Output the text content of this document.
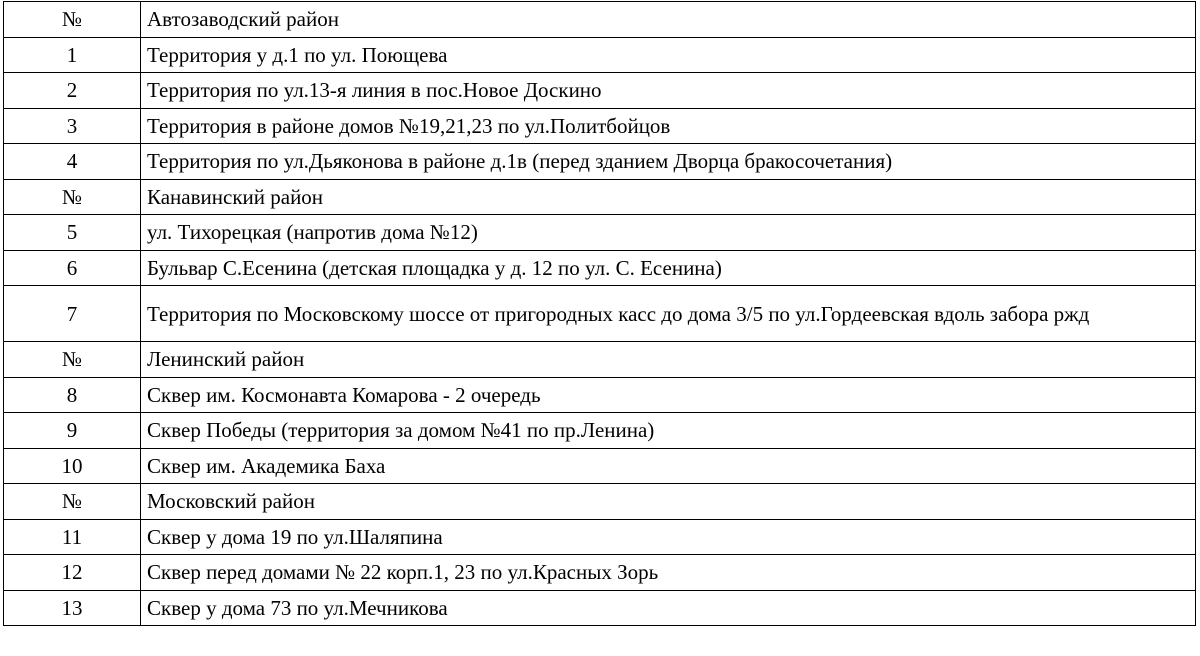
№	Автозаводский район
1	Территория у д.1 по ул. Поющева
2	Территория по ул.13-я линия в пос.Новое Доскино
3	Территория в районе домов №19,21,23 по ул.Политбойцов
4	Территория по ул.Дьяконова в районе д.1в (перед зданием Дворца бракосочетания)
№	Канавинский район
5	ул. Тихорецкая (напротив дома №12)
6	Бульвар С.Есенина (детская площадка у д. 12 по ул. С. Есенина)
7	Территория по Московскому шоссе от пригородных касс до дома 3/5 по ул.Гордеевская вдоль забора ржд
№	Ленинский район
8	Сквер им. Космонавта Комарова - 2 очередь
9	Сквер Победы (территория за домом №41 по пр.Ленина)
10	Сквер им. Академика Баха
№	Московский район
11	Сквер у дома 19 по ул.Шаляпина
12	Сквер перед домами № 22 корп.1, 23 по ул.Красных Зорь
13	Сквер у дома 73 по ул.Мечникова
